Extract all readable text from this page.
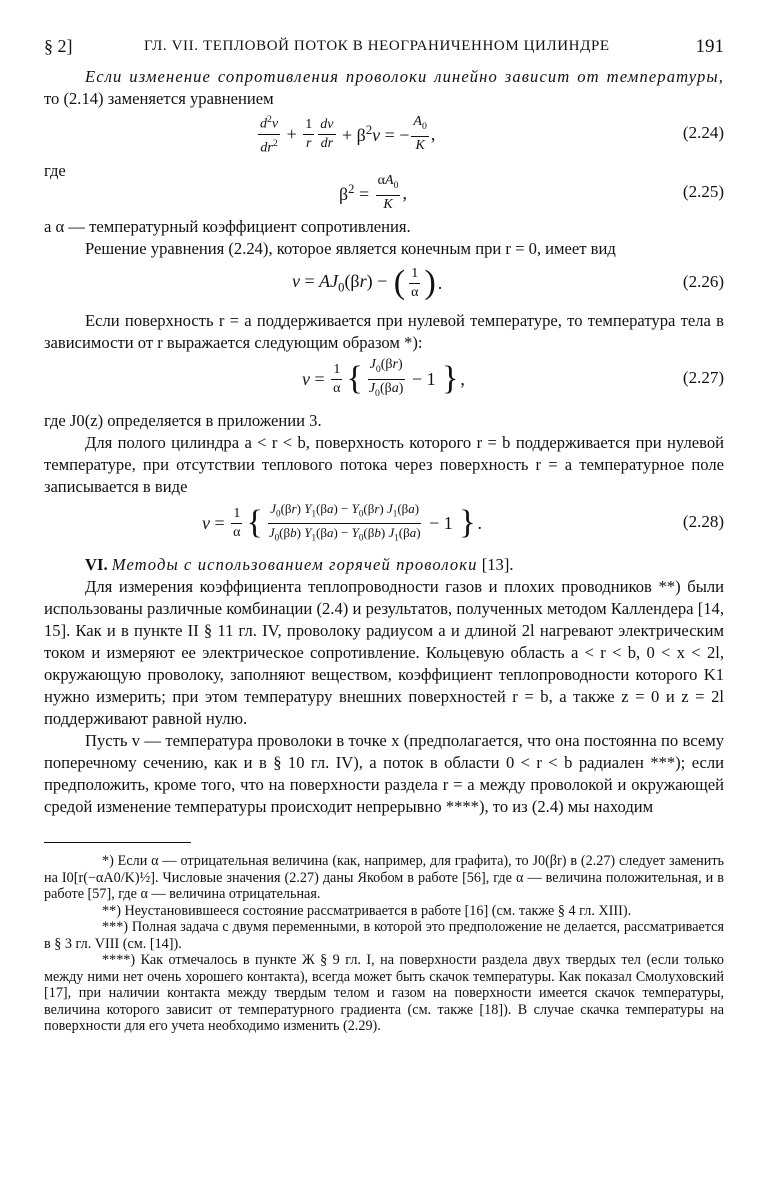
§ 2]	ГЛ. VII. ТЕПЛОВОЙ ПОТОК В НЕОГРАНИЧЕННОМ ЦИЛИНДРЕ	191

Если изменение сопротивления проволоки линейно зависит от температуры, то (2.14) заменяется уравнением

$d^2v$
$dr^2 + \frac{1}{r}$ dv
dr + $\beta^2v$ = − $\frac{A_0}{K}$ ,	(2.24)

где

$\beta^2 = \frac{\alpha A_0}{K}$ ,	(2.25)

а α — температурный коэффициент сопротивления.

Решение уравнения (2.24), которое является конечным при r = 0, имеет вид

$v = AJ_0(\beta r)$ − ( 1
α ) .	(2.26)

Если поверхность r = a поддерживается при нулевой температуре, то температура тела в зависимости от r выражается следующим образом *):

$v = \frac{1}{\alpha}$ { $J_0(\beta r)$
$J_0(\beta a) - 1$ } ,	(2.27)

где J0(z) определяется в приложении 3.

Для полого цилиндра a < r < b, поверхность которого r = b поддерживается при нулевой температуре, при отсутствии теплового потока через поверхность r = a температурное поле записывается в виде

$v = \frac{1}{\alpha}$ { $J_0(\beta r) Y_1(\beta a) - Y_0(\beta r)$ $J_1(\beta a)$
$J_0(\beta b) Y_1(\beta a) - Y_0(\beta b) J_1(\beta a) - 1$ } .	(2.28)

VI. Методы с использованием горячей проволоки [13].

Для измерения коэффициента теплопроводности газов и плохих проводников **) были использованы различные комбинации (2.4) и результатов, полученных методом Каллендера [14, 15]. Как и в пункте II § 11 гл. IV, проволоку радиусом a и длиной 2l нагревают электрическим током и измеряют ее электрическое сопротивление. Кольцевую область a < r < b, 0 < x < 2l, окружающую проволоку, заполняют веществом, коэффициент теплопроводности которого K1 нужно измерить; при этом температуру внешних поверхностей r = b, а также z = 0 и z = 2l поддерживают равной нулю.

Пусть v — температура проволоки в точке x (предполагается, что она постоянна по всему поперечному сечению, как и в § 10 гл. IV), а поток в области 0 < r < b радиален ***); если предположить, кроме того, что на поверхности раздела r = a между проволокой и окружающей средой изменение температуры происходит непрерывно ****), то из (2.4) мы находим

*) Если α — отрицательная величина (как, например, для графита), то J0(βr) в (2.27) следует заменить на I0[r(−αA0/K)½]. Числовые значения (2.27) даны Якобом в работе [56], где α — величина положительная, и в работе [57], где α — величина отрицательная.

**) Неустановившееся состояние рассматривается в работе [16] (см. также § 4 гл. XIII).

***) Полная задача с двумя переменными, в которой это предположение не делается, рассматривается в § 3 гл. VIII (см. [14]).

****) Как отмечалось в пункте Ж § 9 гл. I, на поверхности раздела двух твердых тел (если только между ними нет очень хорошего контакта), всегда может быть скачок температуры. Как показал Смолуховский [17], при наличии контакта между твердым телом и газом на поверхности имеется скачок температуры, величина которого зависит от температурного градиента (см. также [18]). В случае скачка температуры на поверхности для его учета необходимо изменить (2.29).
